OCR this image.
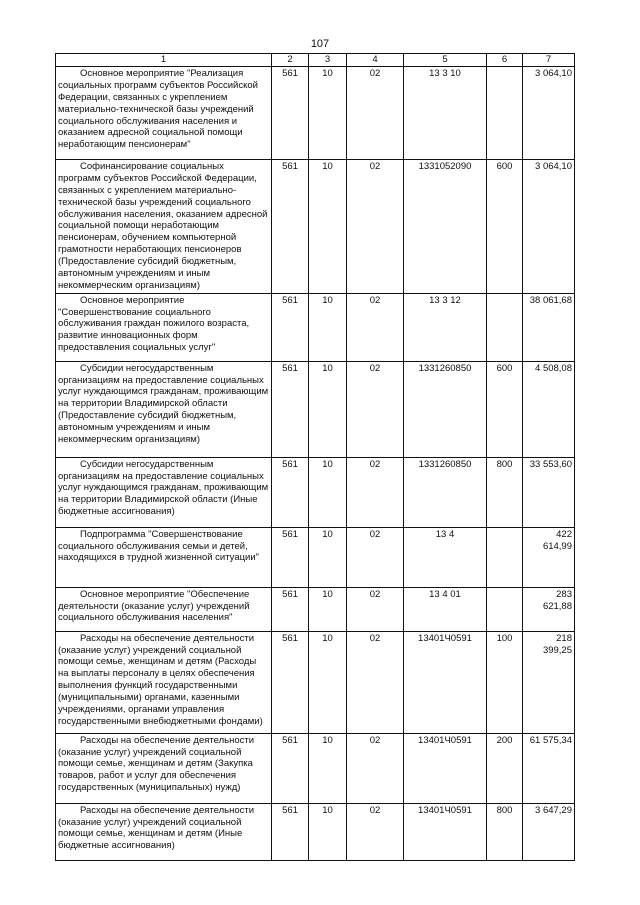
107
1	2	3	4	5	6	7
Основное мероприятие "Реализация социальных программ субъектов Российской Федерации, связанных с укреплением материально-технической базы учреждений социального обслуживания населения и оказанием адресной социальной помощи неработающим пенсионерам"	561	10	02	13 3 10		3 064,10
Софинансирование социальных программ субъектов Российской Федерации, связанных с укреплением материально-технической базы учреждений социального обслуживания населения, оказанием адресной социальной помощи неработающим пенсионерам, обучением компьютерной грамотности неработающих пенсионеров (Предоставление субсидий бюджетным, автономным учреждениям и иным некоммерческим организациям)	561	10	02	1331052090	600	3 064,10
Основное мероприятие "Совершенствование социального обслуживания граждан пожилого возраста, развитие инновационных форм предоставления социальных услуг"	561	10	02	13 3 12		38 061,68
Субсидии негосударственным организациям на предоставление социальных услуг нуждающимся гражданам, проживающим на территории Владимирской области (Предоставление субсидий бюджетным, автономным учреждениям и иным некоммерческим организациям)	561	10	02	1331260850	600	4 508,08
Субсидии негосударственным организациям на предоставление социальных услуг нуждающимся гражданам, проживающим на территории Владимирской области (Иные бюджетные ассигнования)	561	10	02	1331260850	800	33 553,60
Подпрограмма "Совершенствование социального обслуживания семьи и детей, находящихся в трудной жизненной ситуации"	561	10	02	13 4		422 614,99
Основное мероприятие "Обеспечение деятельности (оказание услуг) учреждений социального обслуживания населения"	561	10	02	13 4 01		283 621,88
Расходы на обеспечение деятельности (оказание услуг) учреждений социальной помощи семье, женщинам и детям (Расходы на выплаты персоналу в целях обеспечения выполнения функций государственными (муниципальными) органами, казенными учреждениями, органами управления государственными внебюджетными фондами)	561	10	02	13401Ч0591	100	218 399,25
Расходы на обеспечение деятельности (оказание услуг) учреждений социальной помощи семье, женщинам и детям (Закупка товаров, работ и услуг для обеспечения государственных (муниципальных) нужд)	561	10	02	13401Ч0591	200	61 575,34
Расходы на обеспечение деятельности (оказание услуг) учреждений социальной помощи семье, женщинам и детям (Иные бюджетные ассигнования)	561	10	02	13401Ч0591	800	3 647,29
